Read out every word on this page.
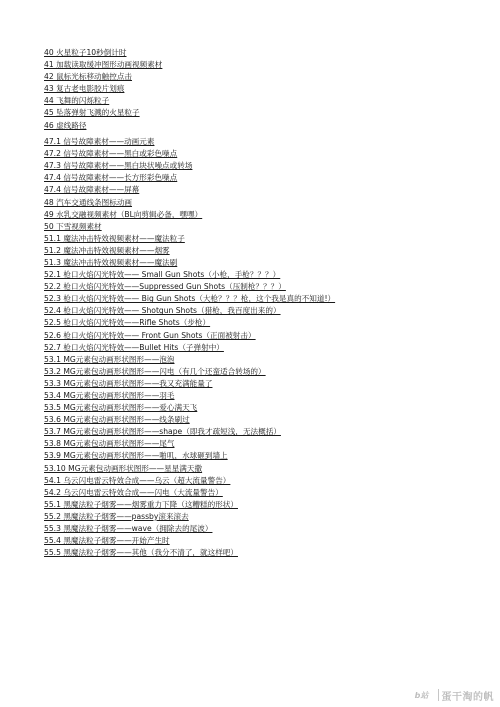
40 火星粒子10秒倒计时
41 加载读取缓冲图形动画视频素材
42 鼠标光标移动触控点击
43 复古老电影胶片划痕
44 飞舞的闪烁粒子
45 坠落弹射飞溅的火星粒子
46 虚线路径
47.1 信号故障素材——动画元素
47.2 信号故障素材——黑白或彩色噪点
47.3 信号故障素材——黑白块状噪点或转场
47.4 信号故障素材——长方形彩色噪点
47.4 信号故障素材——屏幕
48 汽车交通线条图标动画
49 水乳交融视频素材（BL向剪辑必备，嘿嘿）
50 下雪视频素材
51.1 魔法冲击特效视频素材——魔法粒子
51.2 魔法冲击特效视频素材——烟雾
51.3 魔法冲击特效视频素材——魔法刷
52.1 枪口火焰闪光特效—— Small Gun Shots（小枪，手枪？？？）
52.2 枪口火焰闪光特效——Suppressed Gun Shots（压制枪？？？）
52.3 枪口火焰闪光特效—— Big Gun Shots（大枪？？？枪，这个我是真的不知道!）
52.4 枪口火焰闪光特效—— Shotgun Shots（猎枪，我百度出来的）
52.5 枪口火焰闪光特效——Rifle Shots（步枪）
52.6 枪口火焰闪光特效—— Front Gun Shots（正面被射击）
52.7 枪口火焰闪光特效——Bullet Hits（子弹射中）
53.1 MG元素包动画形状图形——泡泡
53.2 MG元素包动画形状图形——闪电（有几个还蛮适合转场的）
53.3 MG元素包动画形状图形——我又充满能量了
53.4 MG元素包动画形状图形——羽毛
53.5 MG元素包动画形状图形——爱心满天飞
53.6 MG元素包动画形状图形——线条刷过
53.7 MG元素包动画形状图形——shape（即我才疏短浅，无法概括）
53.8 MG元素包动画形状图形——尾气
53.9 MG元素包动画形状图形——啪叽，水球砸到墙上
53.10 MG元素包动画形状图形——星星满天撒
54.1 乌云闪电雷云特效合成——乌云（超大流量警告）
54.2 乌云闪电雷云特效合成——闪电（大流量警告）
55.1 黑魔法粒子烟雾——烟雾重力下降（这糟糕的形状）
55.2 黑魔法粒子烟雾——passby滚来滚去
55.3 黑魔法粒子烟雾——wave（拥除去的尾波）
55.4 黑魔法粒子烟雾——开始产生时
55.5 黑魔法粒子烟雾——其他（我分不清了，就这样吧）
b站	蛋干淘的帆
